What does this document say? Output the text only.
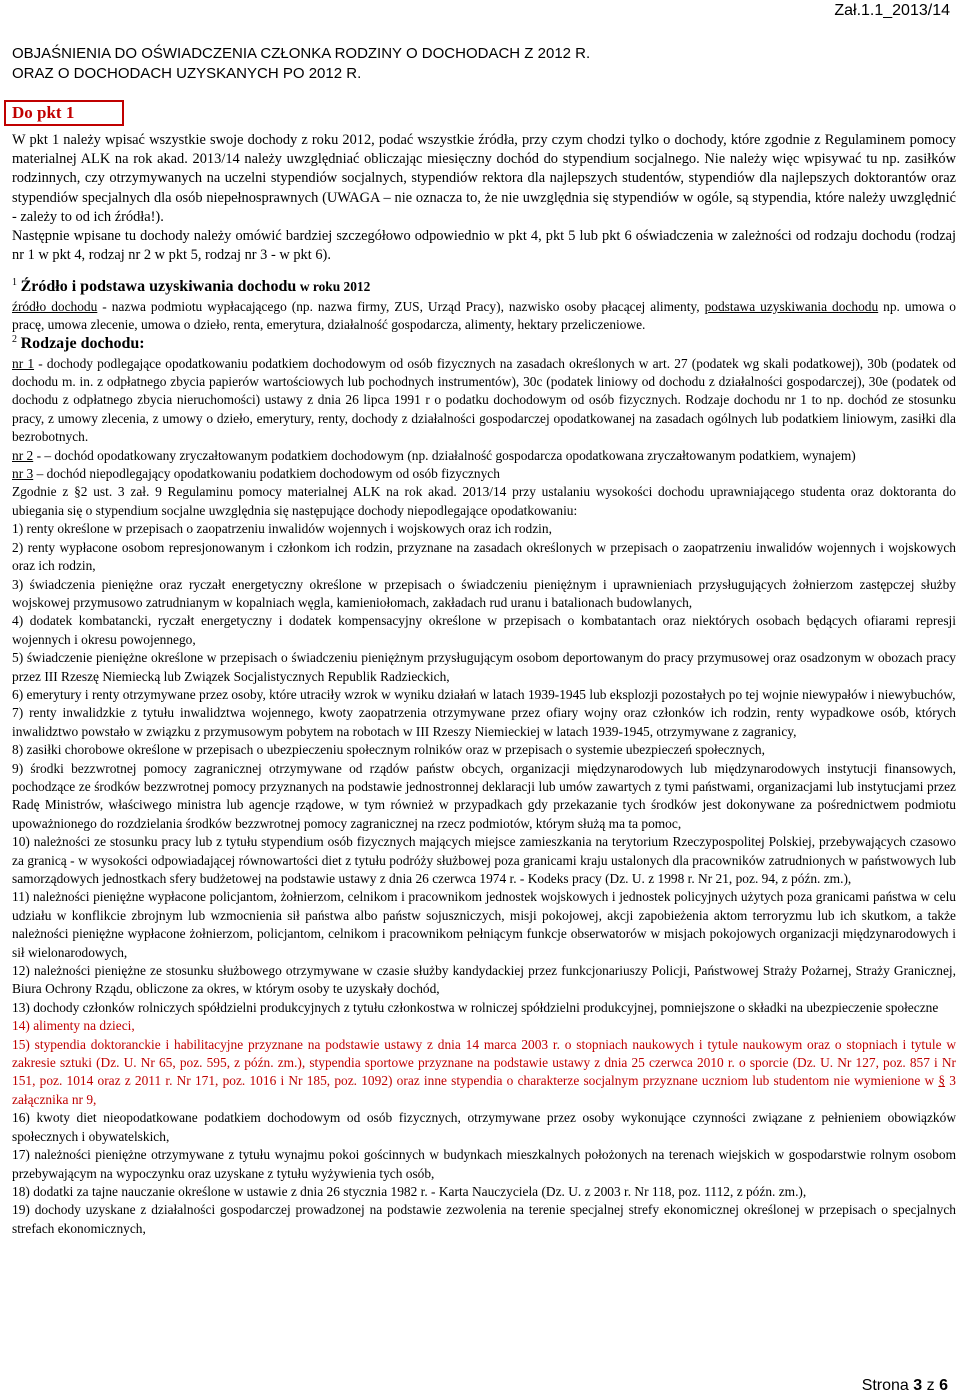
Zał.1.1_2013/14
OBJAŚNIENIA DO OŚWIADCZENIA CZŁONKA RODZINY O DOCHODACH Z 2012 R.
ORAZ O DOCHODACH UZYSKANYCH PO 2012 R.
Do pkt 1

W pkt 1 należy wpisać wszystkie swoje dochody z roku 2012, podać wszystkie źródła, przy czym chodzi tylko o dochody, które zgodnie z Regulaminem pomocy materialnej ALK na rok akad. 2013/14 należy uwzględniać obliczając miesięczny dochód do stypendium socjalnego. Nie należy więc wpisywać tu np. zasiłków rodzinnych, czy otrzymywanych na uczelni stypendiów socjalnych, stypendiów rektora dla najlepszych studentów, stypendiów dla najlepszych doktorantów oraz stypendiów specjalnych dla osób niepełnosprawnych (UWAGA – nie oznacza to, że nie uwzględnia się stypendiów w ogóle, są stypendia, które należy uwzględnić - zależy to od ich źródła!).

Następnie wpisane tu dochody należy omówić bardziej szczegółowo odpowiednio w pkt 4, pkt 5 lub pkt 6 oświadczenia w zależności od rodzaju dochodu (rodzaj nr 1 w pkt 4, rodzaj nr 2 w pkt 5, rodzaj nr 3 - w pkt 6).

$^1$ Źródło i podstawa uzyskiwania dochodu w roku 2012

źródło dochodu - nazwa podmiotu wypłacającego (np. nazwa firmy, ZUS, Urząd Pracy), nazwisko osoby płacącej alimenty, podstawa uzyskiwania dochodu np. umowa o pracę, umowa zlecenie, umowa o dzieło, renta, emerytura, działalność gospodarcza, alimenty, hektary przeliczeniowe.

$^2$ Rodzaje dochodu:

nr 1 - dochody podlegające opodatkowaniu podatkiem dochodowym od osób fizycznych na zasadach określonych w art. 27 (podatek wg skali podatkowej), 30b (podatek od dochodu m. in. z odpłatnego zbycia papierów wartościowych lub pochodnych instrumentów), 30c (podatek liniowy od dochodu z działalności gospodarczej), 30e (podatek od dochodu z odpłatnego zbycia nieruchomości) ustawy z dnia 26 lipca 1991 r o podatku dochodowym od osób fizycznych. Rodzaje dochodu nr 1 to np. dochód ze stosunku pracy, z umowy zlecenia, z umowy o dzieło, emerytury, renty, dochody z działalności gospodarczej opodatkowanej na zasadach ogólnych lub podatkiem liniowym, zasiłki dla bezrobotnych.

nr 2 - – dochód opodatkowany zryczałtowanym podatkiem dochodowym (np. działalność gospodarcza opodatkowana zryczałtowanym podatkiem, wynajem)

nr 3 – dochód niepodlegający opodatkowaniu podatkiem dochodowym od osób fizycznych

Zgodnie z §2 ust. 3 zał. 9 Regulaminu pomocy materialnej ALK na rok akad. 2013/14 przy ustalaniu wysokości dochodu uprawniającego studenta oraz doktoranta do ubiegania się o stypendium socjalne uwzględnia się następujące dochody niepodlegające opodatkowaniu:

1) renty określone w przepisach o zaopatrzeniu inwalidów wojennych i wojskowych oraz ich rodzin,

2) renty wypłacone osobom represjonowanym i członkom ich rodzin, przyznane na zasadach określonych w przepisach o zaopatrzeniu inwalidów wojennych i wojskowych oraz ich rodzin,

3) świadczenia pieniężne oraz ryczałt energetyczny określone w przepisach o świadczeniu pieniężnym i uprawnieniach przysługujących żołnierzom zastępczej służby wojskowej przymusowo zatrudnianym w kopalniach węgla, kamieniołomach, zakładach rud uranu i batalionach budowlanych,

4) dodatek kombatancki, ryczałt energetyczny i dodatek kompensacyjny określone w przepisach o kombatantach oraz niektórych osobach będących ofiarami represji wojennych i okresu powojennego,

5) świadczenie pieniężne określone w przepisach o świadczeniu pieniężnym przysługującym osobom deportowanym do pracy przymusowej oraz osadzonym w obozach pracy przez III Rzeszę Niemiecką lub Związek Socjalistycznych Republik Radzieckich,

6) emerytury i renty otrzymywane przez osoby, które utraciły wzrok w wyniku działań w latach 1939-1945 lub eksplozji pozostałych po tej wojnie niewypałów i niewybuchów,

7) renty inwalidzkie z tytułu inwalidztwa wojennego, kwoty zaopatrzenia otrzymywane przez ofiary wojny oraz członków ich rodzin, renty wypadkowe osób, których inwalidztwo powstało w związku z przymusowym pobytem na robotach w III Rzeszy Niemieckiej w latach 1939-1945, otrzymywane z zagranicy,

8) zasiłki chorobowe określone w przepisach o ubezpieczeniu społecznym rolników oraz w przepisach o systemie ubezpieczeń społecznych,

9) środki bezzwrotnej pomocy zagranicznej otrzymywane od rządów państw obcych, organizacji międzynarodowych lub międzynarodowych instytucji finansowych, pochodzące ze środków bezzwrotnej pomocy przyznanych na podstawie jednostronnej deklaracji lub umów zawartych z tymi państwami, organizacjami lub instytucjami przez Radę Ministrów, właściwego ministra lub agencje rządowe, w tym również w przypadkach gdy przekazanie tych środków jest dokonywane za pośrednictwem podmiotu upoważnionego do rozdzielania środków bezzwrotnej pomocy zagranicznej na rzecz podmiotów, którym służą ma ta pomoc,

10) należności ze stosunku pracy lub z tytułu stypendium osób fizycznych mających miejsce zamieszkania na terytorium Rzeczypospolitej Polskiej, przebywających czasowo za granicą - w wysokości odpowiadającej równowartości diet z tytułu podróży służbowej poza granicami kraju ustalonych dla pracowników zatrudnionych w państwowych lub samorządowych jednostkach sfery budżetowej na podstawie ustawy z dnia 26 czerwca 1974 r. - Kodeks pracy (Dz. U. z 1998 r. Nr 21, poz. 94, z późn. zm.),

11) należności pieniężne wypłacone policjantom, żołnierzom, celnikom i pracownikom jednostek wojskowych i jednostek policyjnych użytych poza granicami państwa w celu udziału w konflikcie zbrojnym lub wzmocnienia sił państwa albo państw sojuszniczych, misji pokojowej, akcji zapobieżenia aktom terroryzmu lub ich skutkom, a także należności pieniężne wypłacone żołnierzom, policjantom, celnikom i pracownikom pełniącym funkcje obserwatorów w misjach pokojowych organizacji międzynarodowych i sił wielonarodowych,

12) należności pieniężne ze stosunku służbowego otrzymywane w czasie służby kandydackiej przez funkcjonariuszy Policji, Państwowej Straży Pożarnej, Straży Granicznej, Biura Ochrony Rządu, obliczone za okres, w którym osoby te uzyskały dochód,

13) dochody członków rolniczych spółdzielni produkcyjnych z tytułu członkostwa w rolniczej spółdzielni produkcyjnej, pomniejszone o składki na ubezpieczenie społeczne

14) alimenty na dzieci,

15) stypendia doktoranckie i habilitacyjne przyznane na podstawie ustawy z dnia 14 marca 2003 r. o stopniach naukowych i tytule naukowym oraz o stopniach i tytule w zakresie sztuki (Dz. U. Nr 65, poz. 595, z późn. zm.), stypendia sportowe przyznane na podstawie ustawy z dnia 25 czerwca 2010 r. o sporcie (Dz. U. Nr 127, poz. 857 i Nr 151, poz. 1014 oraz z 2011 r. Nr 171, poz. 1016 i Nr 185, poz. 1092) oraz inne stypendia o charakterze socjalnym przyznane uczniom lub studentom nie wymienione w § 3 załącznika nr 9,

16) kwoty diet nieopodatkowane podatkiem dochodowym od osób fizycznych, otrzymywane przez osoby wykonujące czynności związane z pełnieniem obowiązków społecznych i obywatelskich,

17) należności pieniężne otrzymywane z tytułu wynajmu pokoi gościnnych w budynkach mieszkalnych położonych na terenach wiejskich w gospodarstwie rolnym osobom przebywającym na wypoczynku oraz uzyskane z tytułu wyżywienia tych osób,

18) dodatki za tajne nauczanie określone w ustawie z dnia 26 stycznia 1982 r. - Karta Nauczyciela (Dz. U. z 2003 r. Nr 118, poz. 1112, z późn. zm.),

19) dochody uzyskane z działalności gospodarczej prowadzonej na podstawie zezwolenia na terenie specjalnej strefy ekonomicznej określonej w przepisach o specjalnych strefach ekonomicznych,

Strona 3 z 6
